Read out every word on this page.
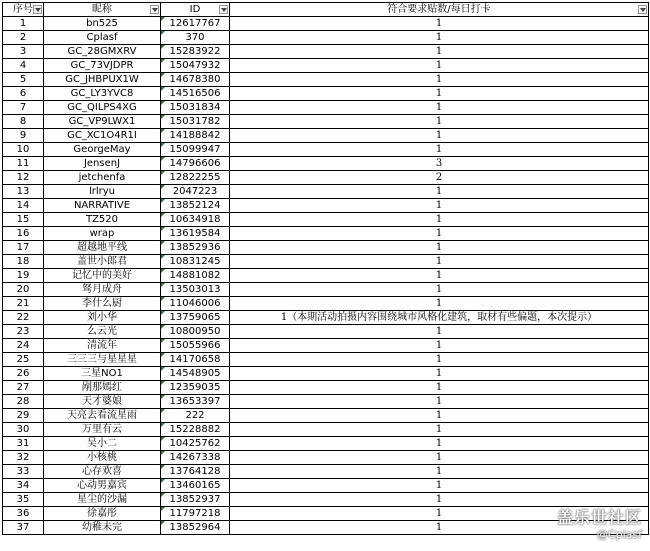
序号	昵称	ID	符合要求贴数/每日打卡

1	bn525	12617767	1
2	Cplasf	370	1
3	GC_28GMXRV	15283922	1
4	GC_73VJDPR	15047932	1
5	GC_JHBPUX1W	14678380	1
6	GC_LY3YVC8	14516506	1
7	GC_QILPS4XG	15031834	1
8	GC_VP9LWX1	15031782	1
9	GC_XC1O4R1I	14188842	1
10	GeorgeMay	15099947	1
11	JensenJ	14796606	3
12	jetchenfa	12822255	2
13	lrlryu	2047223	1
14	NARRATIVE	13852124	1
15	TZ520	10634918	1
16	wrap	13619584	1
17	超越地平线	13852936	1
18	盖世小郎君	10831245	1
19	记忆中的美好	14881082	1
20	驽月成舟	13503013	1
21	李什么厨	11046006	1
22	刘小华	13759065	1（本期活动拍摄内容围绕城市风格化建筑，取材有些偏题，本次提示）
23	么云光	10800950	1
24	清流年	15055966	1
25	三三三与星星星	14170658	1
26	三星NO1	14548905	1
27	剐那嫣红	12359035	1
28	天才婆娘	13653397	1
29	天亮去看流星雨	222	1
30	万里有云	15228882	1
31	吴小二	10425762	1
32	小核桃	14267338	1
33	心存欢喜	13764128	1
34	心动男嘉宾	13460165	1
35	星尘的沙漏	13852937	1
36	徐嘉彤	11797218	1
37	幼稚未完	13852964	1
盖乐世社区
@Cplasf
